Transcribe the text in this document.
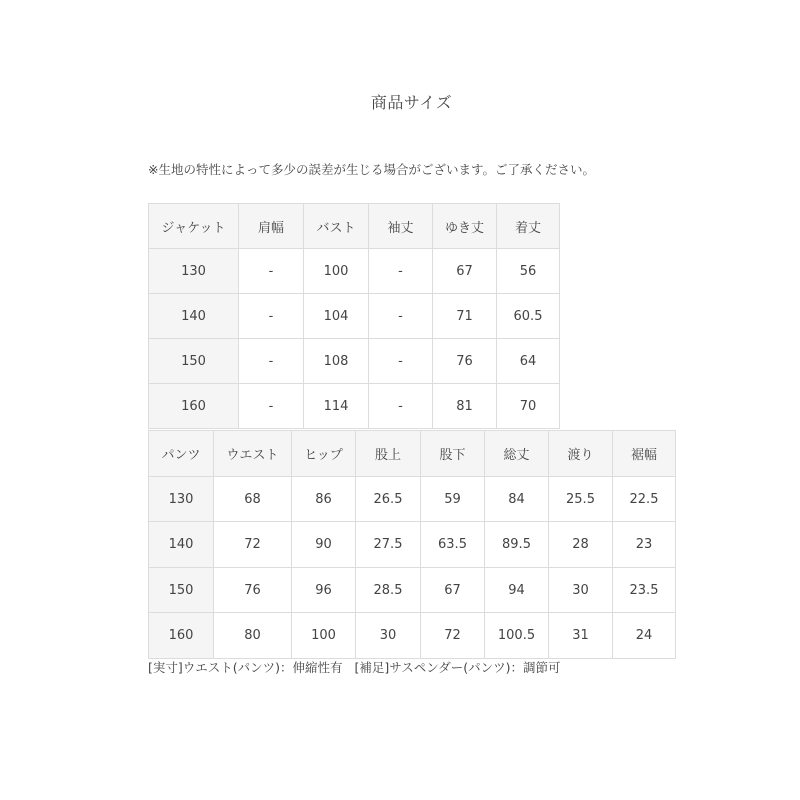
商品サイズ

※生地の特性によって多少の誤差が生じる場合がございます。ご了承ください。

ジャケット	肩幅	バスト	袖丈	ゆき丈	着丈
130	-	100	-	67	56
140	-	104	-	71	60.5
150	-	108	-	76	64
160	-	114	-	81	70
パンツ	ウエスト	ヒップ	股上	股下	総丈	渡り	裾幅
130	68	86	26.5	59	84	25.5	22.5
140	72	90	27.5	63.5	89.5	28	23
150	76	96	28.5	67	94	30	23.5
160	80	100	30	72	100.5	31	24

[実寸]ウエスト(パンツ)：伸縮性有 [補足]サスペンダー(パンツ)：調節可
